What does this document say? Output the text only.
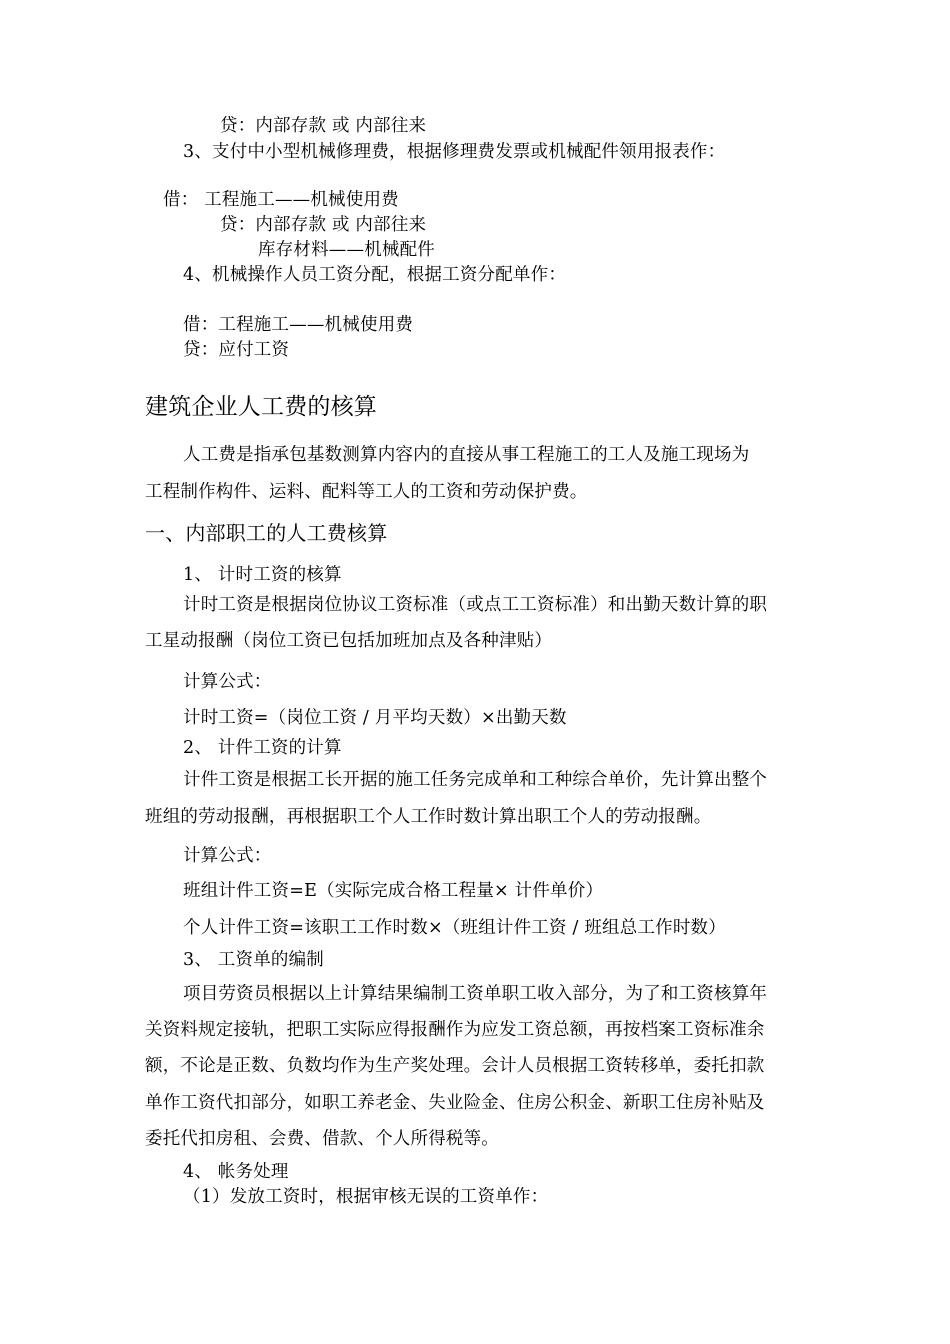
贷：内部存款 或 内部往来
3、支付中小型机械修理费，根据修理费发票或机械配件领用报表作：
借： 工程施工——机械使用费
贷：内部存款 或 内部往来
库存材料——机械配件
4、机械操作人员工资分配，根据工资分配单作：
借：工程施工——机械使用费
贷：应付工资
建筑企业人工费的核算
人工费是指承包基数测算内容内的直接从事工程施工的工人及施工现场为
工程制作构件、运料、配料等工人的工资和劳动保护费。
一、内部职工的人工费核算
1、 计时工资的核算
计时工资是根据岗位协议工资标准（或点工工资标准）和出勤天数计算的职
工星动报酬（岗位工资已包括加班加点及各种津贴）
计算公式：
计时工资=（岗位工资 / 月平均天数）×出勤天数
2、 计件工资的计算
计件工资是根据工长开据的施工任务完成单和工种综合单价，先计算出整个
班组的劳动报酬，再根据职工个人工作时数计算出职工个人的劳动报酬。
计算公式：
班组计件工资=E（实际完成合格工程量× 计件单价）
个人计件工资=该职工工作时数×（班组计件工资 / 班组总工作时数）
3、 工资单的编制
项目劳资员根据以上计算结果编制工资单职工收入部分，为了和工资核算年
关资料规定接轨，把职工实际应得报酬作为应发工资总额，再按档案工资标准余
额，不论是正数、负数均作为生产奖处理。会计人员根据工资转移单，委托扣款
单作工资代扣部分，如职工养老金、失业险金、住房公积金、新职工住房补贴及
委托代扣房租、会费、借款、个人所得税等。
4、 帐务处理
（1）发放工资时，根据审核无误的工资单作：
